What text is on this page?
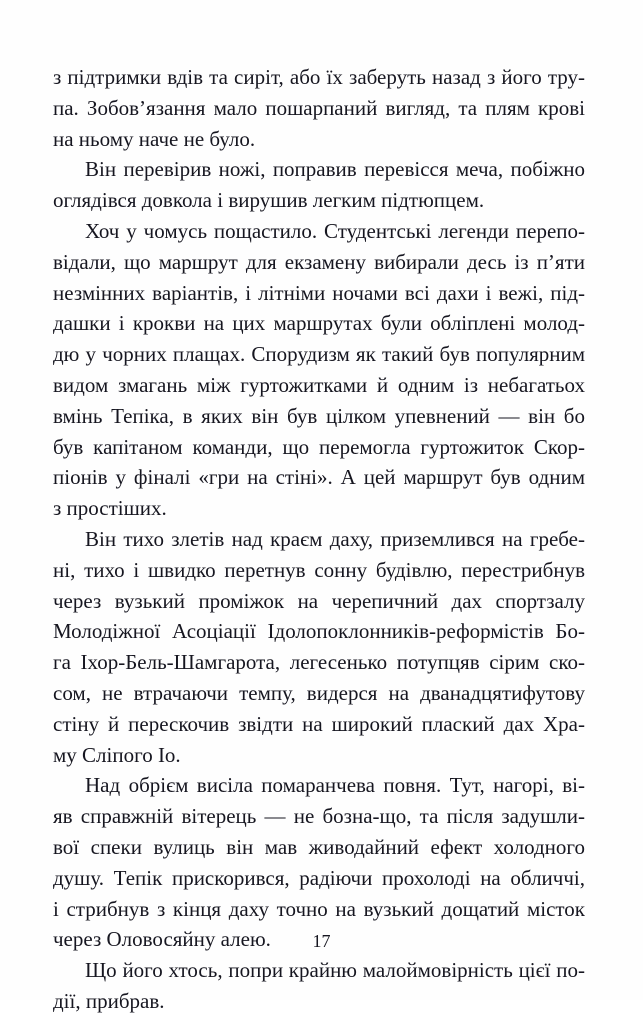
з підтримки вдів та сиріт, або їх заберуть назад з його тру-
па. Зобов’язання мало пошарпаний вигляд, та плям крові
на ньому наче не було.
Він перевірив ножі, поправив перевісся меча, побіжно
оглядівся довкола і вирушив легким підтюпцем.
Хоч у чомусь пощастило. Студентські легенди перепо-
відали, що маршрут для екзамену вибирали десь із п’яти
незмінних варіантів, і літніми ночами всі дахи і вежі, під-
дашки і крокви на цих маршрутах були обліплені молод-
дю у чорних плащах. Спорудизм як такий був популярним
видом змагань між гуртожитками й одним із небагатьох
вмінь Тепіка, в яких він був цілком упевнений — він бо
був капітаном команди, що перемогла гуртожиток Скор-
піонів у фіналі «гри на стіні». А цей маршрут був одним
з простіших.
Він тихо злетів над краєм даху, приземлився на гребе-
ні, тихо і швидко перетнув сонну будівлю, перестрибнув
через вузький проміжок на черепичний дах спортзалу
Молодіжної Асоціації Ідолопоклонників-реформістів Бо-
га Іхор-Бель-Шамгарота, легесенько потупцяв сірим ско-
сом, не втрачаючи темпу, видерся на дванадцятифутову
стіну й перескочив звідти на широкий плаский дах Хра-
му Сліпого Іо.
Над обрієм висіла помаранчева повня. Тут, нагорі, ві-
яв справжній вітерець — не бозна-що, та після задушли-
вої спеки вулиць він мав живодайний ефект холодного
душу. Тепік прискорився, радіючи прохолоді на обличчі,
і стрибнув з кінця даху точно на вузький дощатий місток
через Оловосяйну алею.
Що його хтось, попри крайню малоймовірність цієї по-
дії, прибрав.
17
